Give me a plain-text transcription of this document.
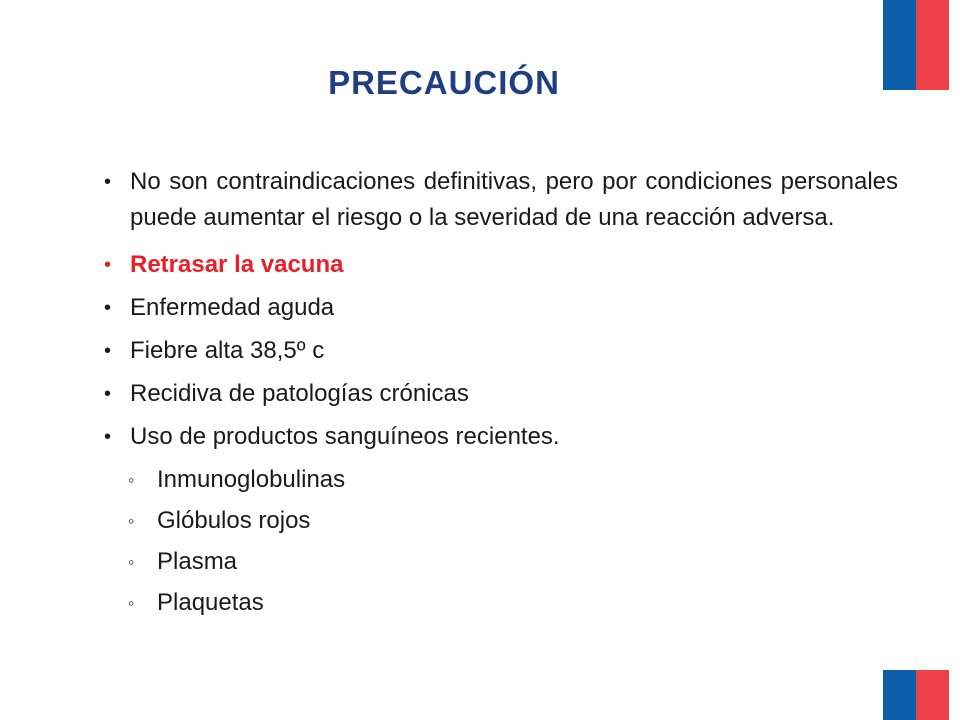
PRECAUCIÓN
• No son contraindicaciones definitivas, pero por condiciones personales puede aumentar el riesgo o la severidad de una reacción adversa.
• Retrasar la vacuna
• Enfermedad aguda
• Fiebre alta 38,5º c
• Recidiva de patologías crónicas
• Uso de productos sanguíneos recientes.
◦ Inmunoglobulinas
◦ Glóbulos rojos
◦ Plasma
◦ Plaquetas
